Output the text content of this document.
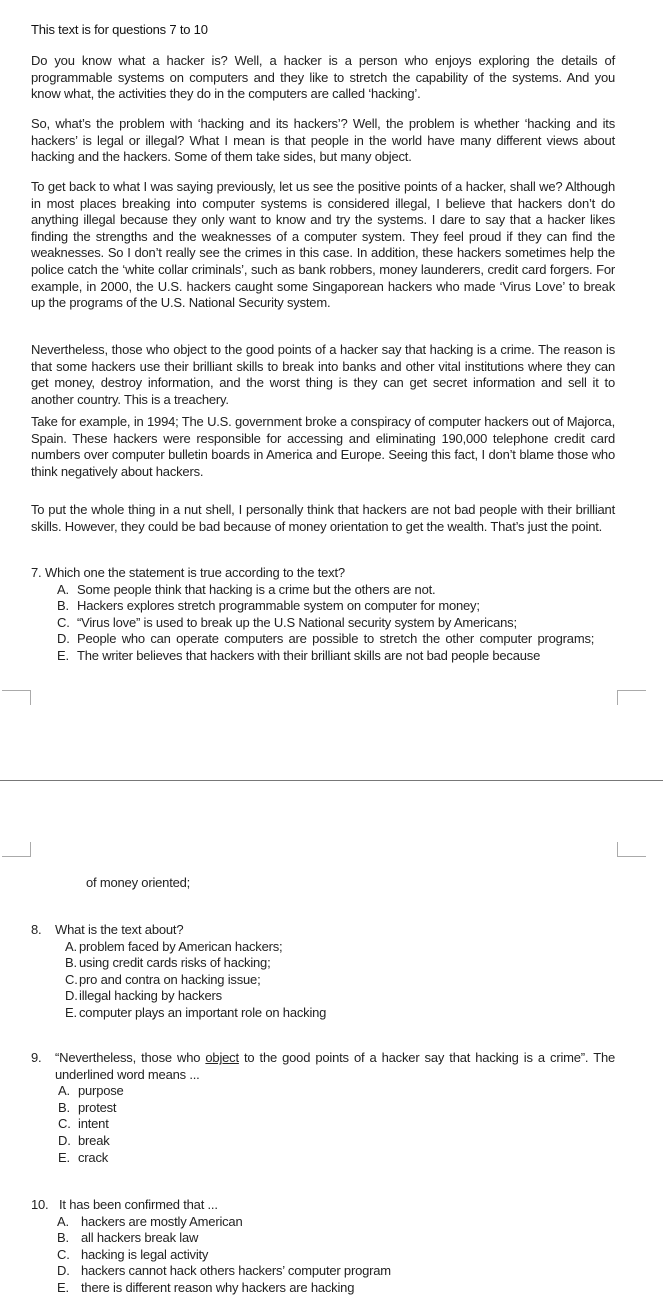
This text is for questions 7 to 10
Do you know what a hacker is? Well, a hacker is a person who enjoys exploring the details of programmable systems on computers and they like to stretch the capability of the systems. And you know what, the activities they do in the computers are called ‘hacking’.
So, what’s the problem with ‘hacking and its hackers’? Well, the problem is whether ‘hacking and its hackers’ is legal or illegal? What I mean is that people in the world have many different views about hacking and the hackers. Some of them take sides, but many object.
To get back to what I was saying previously, let us see the positive points of a hacker, shall we? Although in most places breaking into computer systems is considered illegal, I believe that hackers don’t do anything illegal because they only want to know and try the systems. I dare to say that a hacker likes finding the strengths and the weaknesses of a computer system. They feel proud if they can find the weaknesses. So I don’t really see the crimes in this case. In addition, these hackers sometimes help the police catch the ‘white collar criminals’, such as bank robbers, money launderers, credit card forgers. For example, in 2000, the U.S. hackers caught some Singaporean hackers who made ‘Virus Love’ to break up the programs of the U.S. National Security system.
Nevertheless, those who object to the good points of a hacker say that hacking is a crime. The reason is that some hackers use their brilliant skills to break into banks and other vital institutions where they can get money, destroy information, and the worst thing is they can get secret information and sell it to another country. This is a treachery.
Take for example, in 1994; The U.S. government broke a conspiracy of computer hackers out of Majorca, Spain. These hackers were responsible for accessing and eliminating 190,000 telephone credit card numbers over computer bulletin boards in America and Europe. Seeing this fact, I don’t blame those who think negatively about hackers.
To put the whole thing in a nut shell, I personally think that hackers are not bad people with their brilliant skills. However, they could be bad because of money orientation to get the wealth. That’s just the point.
7. Which one the statement is true according to the text?
A. Some people think that hacking is a crime but the others are not.
B. Hackers explores stretch programmable system on computer for money;
C. “Virus love” is used to break up the U.S National security system by Americans;
D. People who can operate computers are possible to stretch the other computer programs;
E. The writer believes that hackers with their brilliant skills are not bad people because
of money oriented;
8.	What is the text about?
A. problem faced by American hackers;
B. using credit cards risks of hacking;
C. pro and contra on hacking issue;
D. illegal hacking by hackers
E. computer plays an important role on hacking
9.	“Nevertheless, those who object to the good points of a hacker say that hacking is a crime”. The underlined word means ...
A. purpose
B. protest
C. intent
D. break
E. crack
10. It has been confirmed that ...
A. hackers are mostly American
B. all hackers break law
C. hacking is legal activity
D. hackers cannot hack others hackers’ computer program
E. there is different reason why hackers are hacking
